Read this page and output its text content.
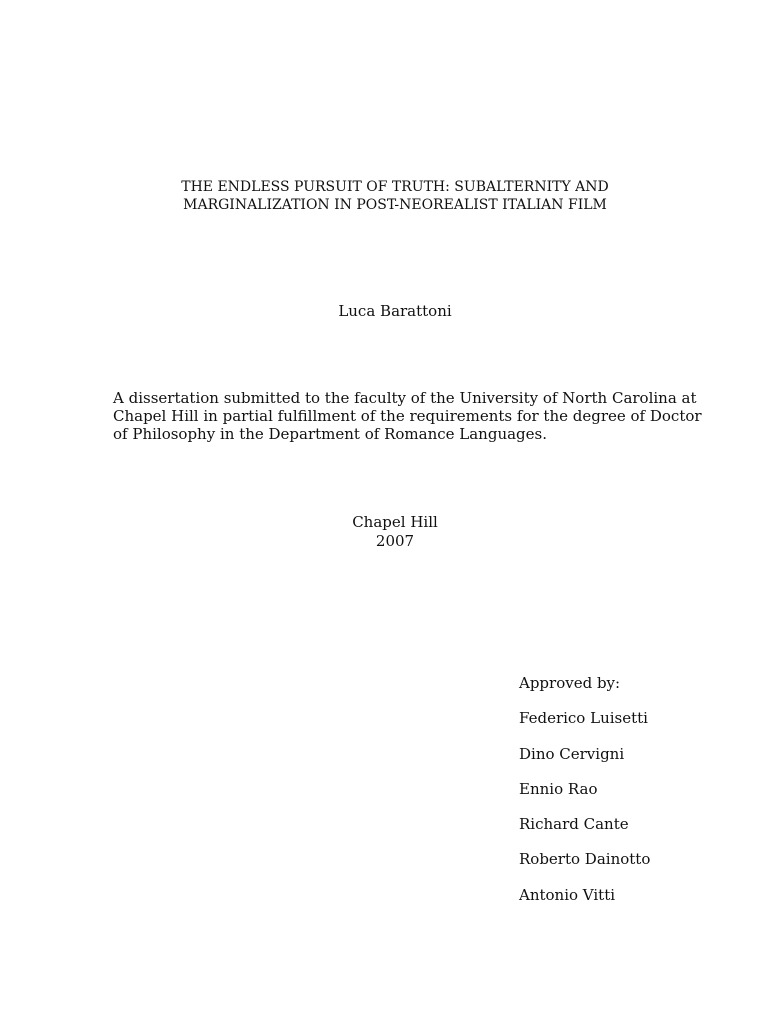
THE ENDLESS PURSUIT OF TRUTH: SUBALTERNITY AND
MARGINALIZATION IN POST-NEOREALIST ITALIAN FILM
Luca Barattoni
A dissertation submitted to the faculty of the University of North Carolina at
Chapel Hill in partial fulfillment of the requirements for the degree of Doctor
of Philosophy in the Department of Romance Languages.
Chapel Hill
2007
Approved by:
Federico Luisetti
Dino Cervigni
Ennio Rao
Richard Cante
Roberto Dainotto
Antonio Vitti
